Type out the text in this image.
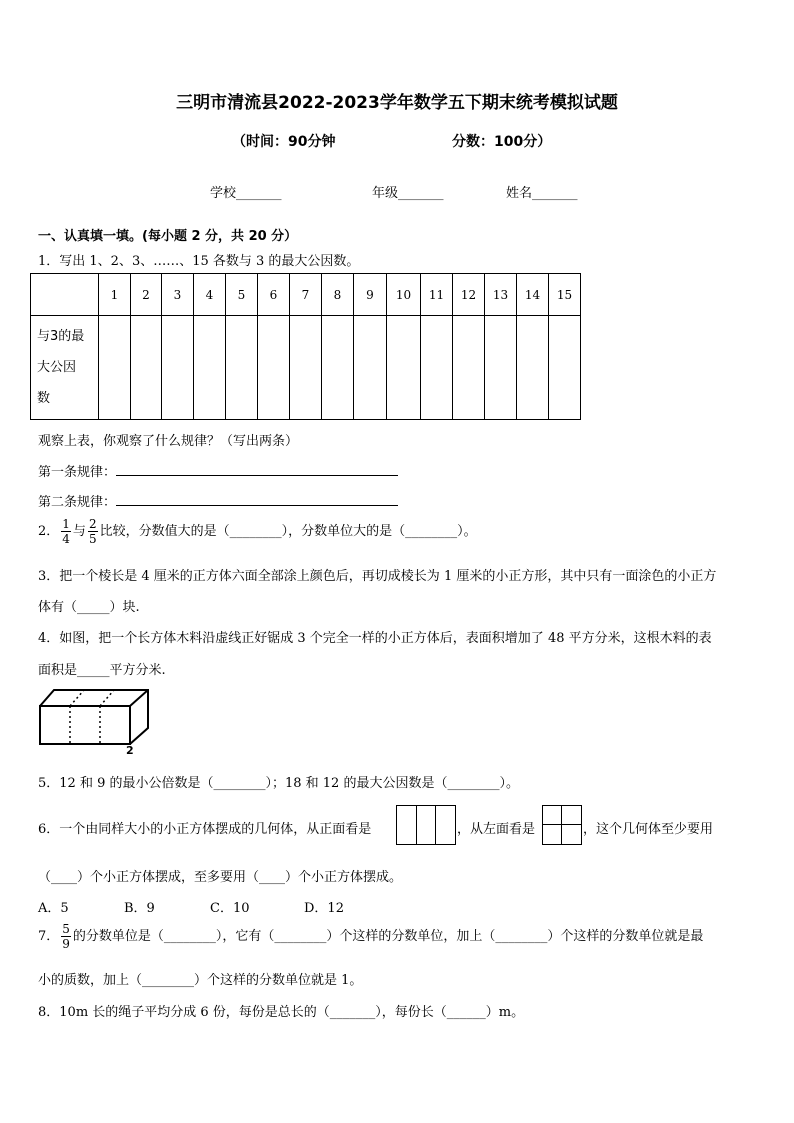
三明市清流县2022-2023学年数学五下期末统考模拟试题
（时间：90分钟	分数：100分）
学校_______	年级_______	姓名_______
一、认真填一填。(每小题 2 分，共 20 分）
1．写出 1、2、3、……、15 各数与 3 的最大公因数。
	1	2	3	4	5	6	7	8	9	10	11	12	13	14	15

与3的最
大公因
数															

观察上表，你观察了什么规律？（写出两条）
第一条规律：
第二条规律：
2． $\frac{1}{4}$ 与 $\frac{2}{5}$ 比较，分数值大的是（________），分数单位大的是（________）。
3．把一个棱长是 4 厘米的正方体六面全部涂上颜色后，再切成棱长为 1 厘米的小正方形，其中只有一面涂色的小正方
体有（_____）块.
4．如图，把一个长方体木料沿虚线正好锯成 3 个完全一样的小正方体后，表面积增加了 48 平方分米，这根木料的表
面积是_____平方分米.
2
5．12 和 9 的最小公倍数是（________）；18 和 12 的最大公因数是（________）。
6．一个由同样大小的小正方体摆成的几何体，从正面看是	，从左面看是	，这个几何体至少要用
（____）个小正方体摆成，至多要用（____）个小正方体摆成。
A．5	B．9	C．10	D．12
7． $\frac{5}{9}$ 的分数单位是（________），它有（________）个这样的分数单位，加上（________）个这样的分数单位就是最
小的质数，加上（________）个这样的分数单位就是 1。
8．10m 长的绳子平均分成 6 份，每份是总长的（_______），每份长（______）m。
